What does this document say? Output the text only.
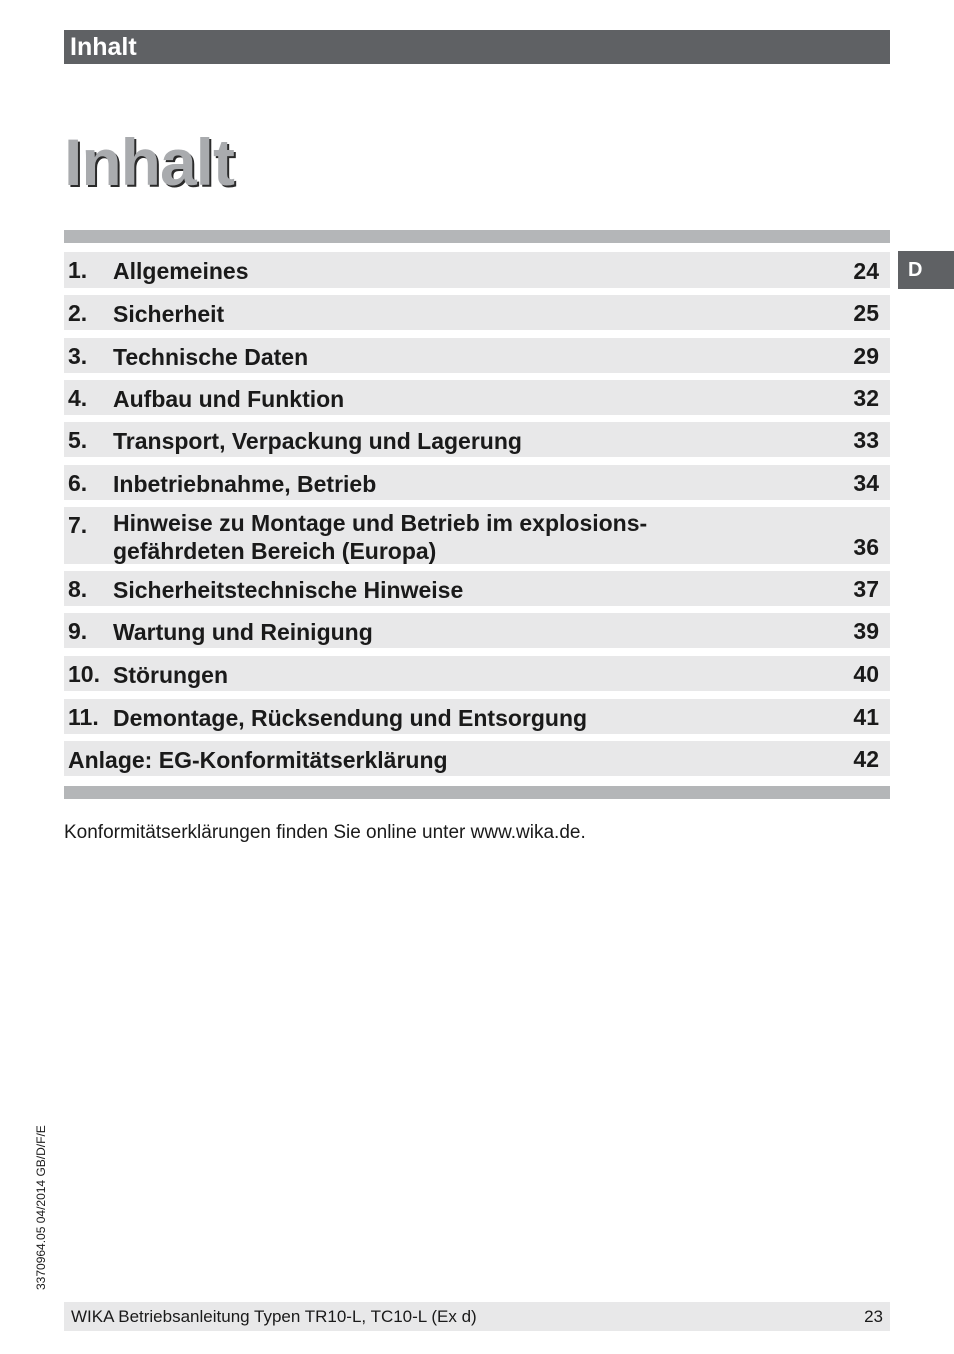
Inhalt
Inhalt
D
1. Allgemeines	24
2. Sicherheit	25
3. Technische Daten	29
4. Aufbau und Funktion	32
5. Transport, Verpackung und Lagerung	33
6. Inbetriebnahme, Betrieb	34
7. Hinweise zu Montage und Betrieb im explosions-
gefährdeten Bereich (Europa)	36
8. Sicherheitstechnische Hinweise	37
9. Wartung und Reinigung	39
10. Störungen	40
11. Demontage, Rücksendung und Entsorgung	41
Anlage: EG-Konformitätserklärung	42
Konformitätserklärungen finden Sie online unter www.wika.de.
3370964.05 04/2014 GB/D/F/E
WIKA Betriebsanleitung Typen TR10-L, TC10-L (Ex d)	23
